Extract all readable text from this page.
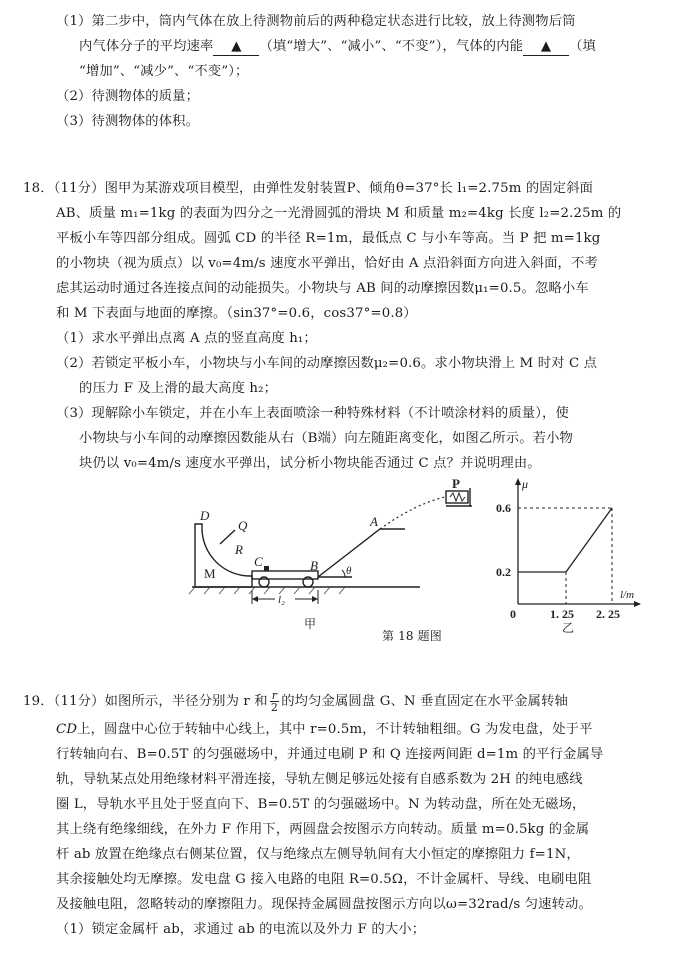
（1）第二步中，筒内气体在放上待测物前后的两种稳定状态进行比较，放上待测物后筒
内气体分子的平均速率 ▲ （填“增大”、“减小”、“不变”），气体的内能 ▲ （填
“增加”、“减少”、“不变”）；
（2）待测物体的质量；
（3）待测物体的体积。
18．（11分）图甲为某游戏项目模型，由弹性发射装置P、倾角θ=37°长 l₁=2.75m 的固定斜面
AB、质量 m₁=1kg 的表面为四分之一光滑圆弧的滑块 M 和质量 m₂=4kg 长度 l₂=2.25m 的
平板小车等四部分组成。圆弧 CD 的半径 R=1m，最低点 C 与小车等高。当 P 把 m=1kg
的小物块（视为质点）以 v₀=4m/s 速度水平弹出，恰好由 A 点沿斜面方向进入斜面，不考
虑其运动时通过各连接点间的动能损失。小物块与 AB 间的动摩擦因数μ₁=0.5。忽略小车
和 M 下表面与地面的摩擦。（sin37°=0.6，cos37°=0.8）
（1）求水平弹出点离 A 点的竖直高度 h₁；
（2）若锁定平板小车，小物块与小车间的动摩擦因数μ₂=0.6。求小物块滑上 M 时对 C 点
的压力 F 及上滑的最大高度 h₂；
（3）现解除小车锁定，并在小车上表面喷涂一种特殊材料（不计喷涂材料的质量），使
小物块与小车间的动摩擦因数能从右（B端）向左随距离变化，如图乙所示。若小物
块仍以 v₀=4m/s 速度水平弹出，试分析小物块能否通过 C 点？并说明理由。
D
Q
R
C	B
A
P
θ
M
l₂
甲
μ
l/m
0.6
0.2
0	1. 25 2. 25
乙
第 18 题图
19．（11分）如图所示，半径分别为 r 和 $\frac{r}{2}$ 的均匀金属圆盘 G、N 垂直固定在水平金属转轴
CD上，圆盘中心位于转轴中心线上，其中 r=0.5m，不计转轴粗细。G 为发电盘，处于平
行转轴向右、B=0.5T 的匀强磁场中，并通过电刷 P 和 Q 连接两间距 d=1m 的平行金属导
轨，导轨某点处用绝缘材料平滑连接，导轨左侧足够远处接有自感系数为 2H 的纯电感线
圈 L，导轨水平且处于竖直向下、B=0.5T 的匀强磁场中。N 为转动盘，所在处无磁场，
其上绕有绝缘细线，在外力 F 作用下，两圆盘会按图示方向转动。质量 m=0.5kg 的金属
杆 ab 放置在绝缘点右侧某位置，仅与绝缘点左侧导轨间有大小恒定的摩擦阻力 f=1N，
其余接触处均无摩擦。发电盘 G 接入电路的电阻 R=0.5Ω，不计金属杆、导线、电刷电阻
及接触电阻，忽略转动的摩擦阻力。现保持金属圆盘按图示方向以ω=32rad/s 匀速转动。
（1）锁定金属杆 ab，求通过 ab 的电流以及外力 F 的大小；
